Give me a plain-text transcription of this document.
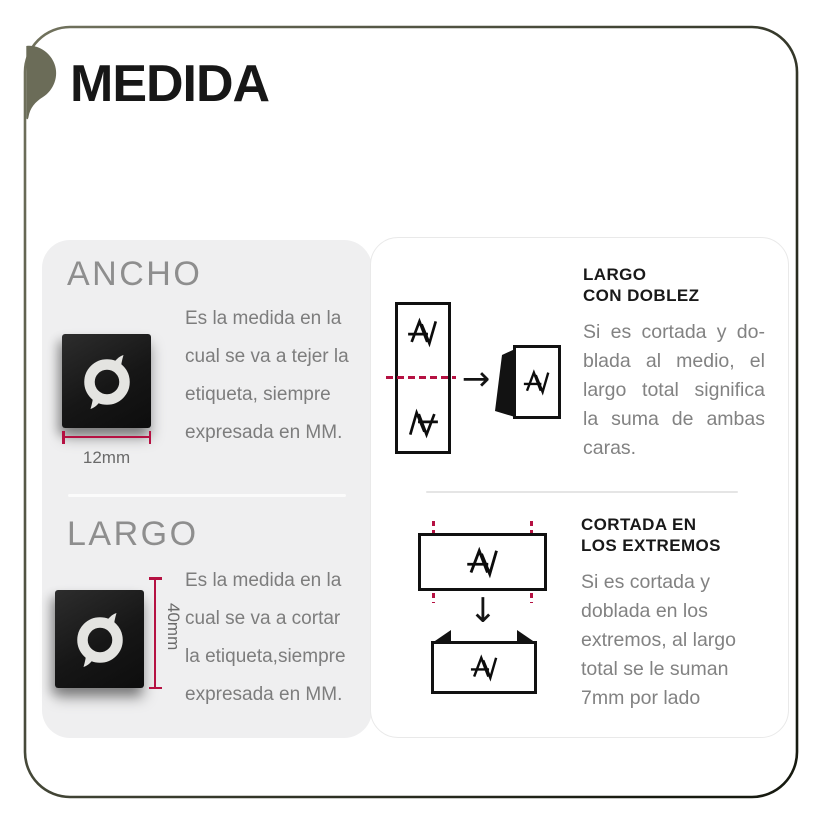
MEDIDA
ANCHO
Es la medida en la
cual se va a tejer la
etiqueta, siempre
expresada en MM.
12mm
LARGO
Es la medida en la
cual se va a cortar
la etiqueta,siempre
expresada en MM.
40mm
→
LARGO
CON DOBLEZ
Si es cortada y do-
blada al medio, el
largo total significa
la suma de ambas
caras.
↓
CORTADA EN
LOS EXTREMOS
Si es cortada y
doblada en los
extremos, al largo
total se le suman
7mm por lado
